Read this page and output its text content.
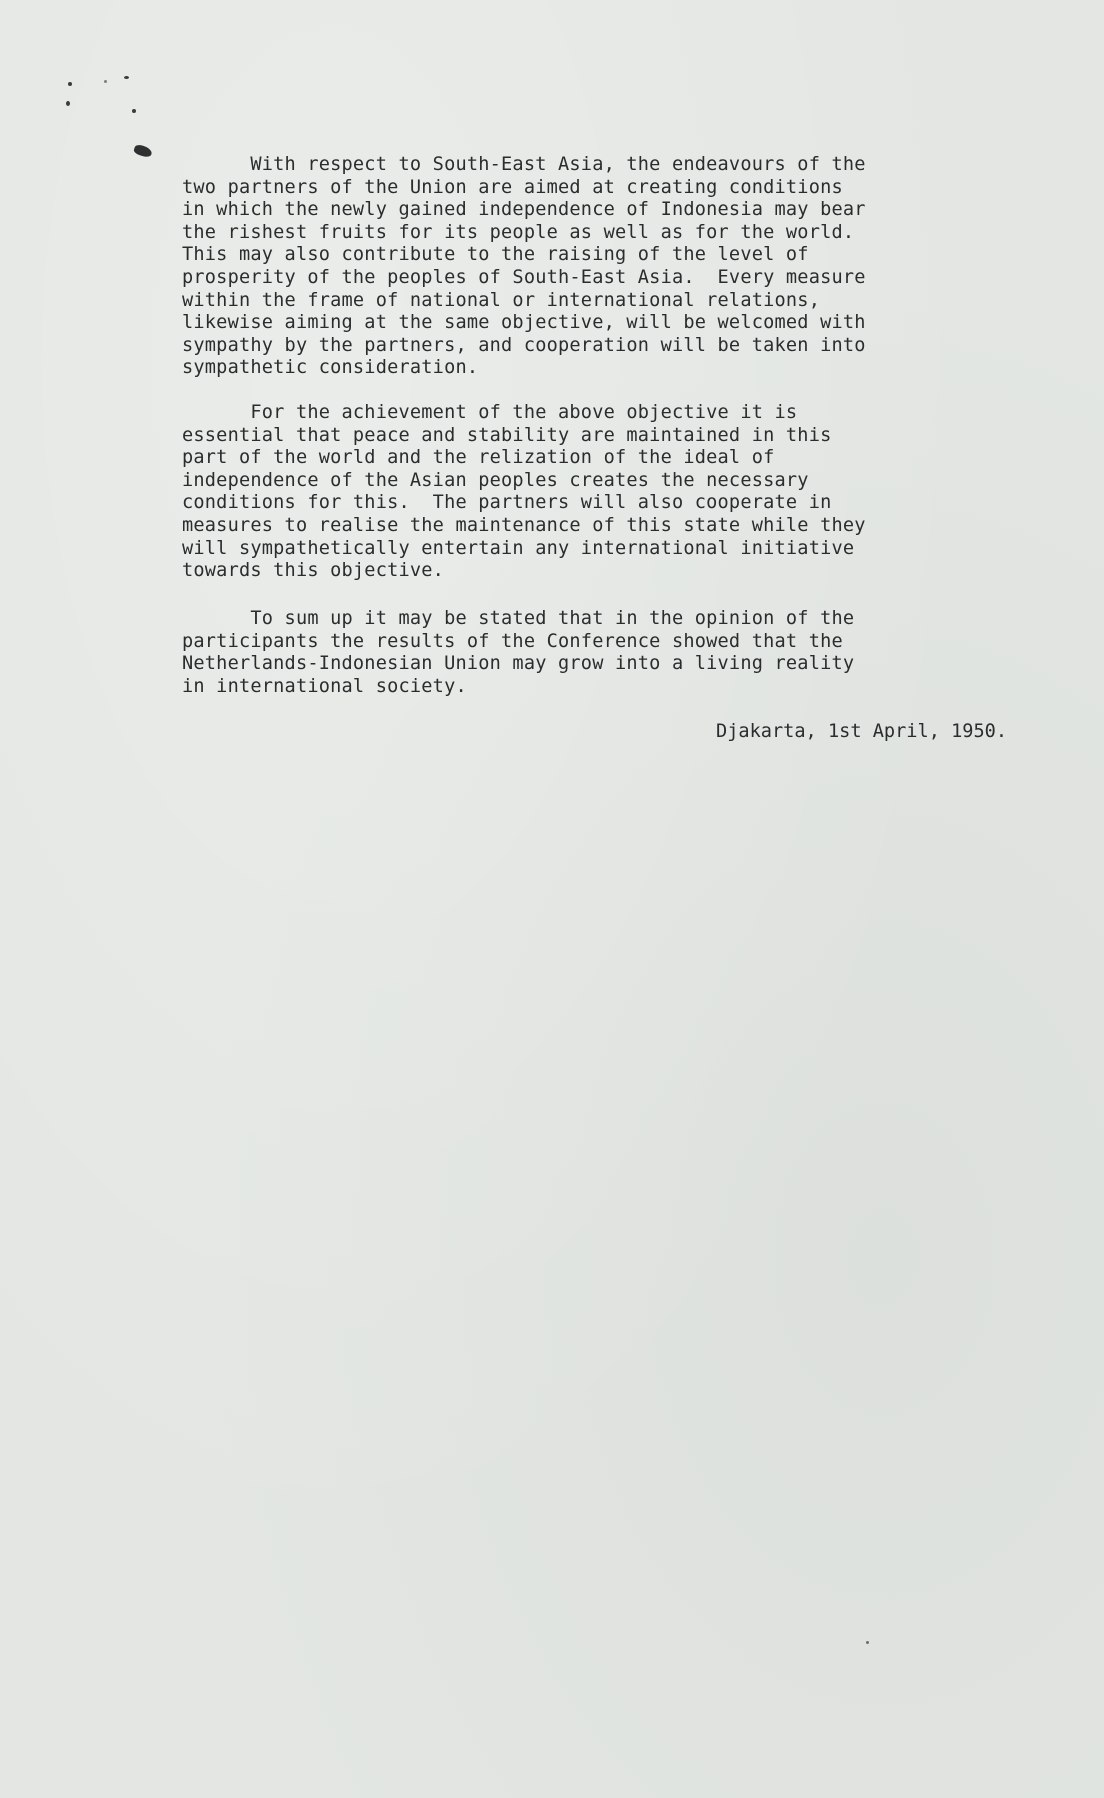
With respect to South-East Asia, the endeavours of the
two partners of the Union are aimed at creating conditions
in which the newly gained independence of Indonesia may bear
the rishest fruits for its people as well as for the world.
This may also contribute to the raising of the level of
prosperity of the peoples of South-East Asia.  Every measure
within the frame of national or international relations,
likewise aiming at the same objective, will be welcomed with
sympathy by the partners, and cooperation will be taken into
sympathetic consideration.
For the achievement of the above objective it is
essential that peace and stability are maintained in this
part of the world and the relization of the ideal of
independence of the Asian peoples creates the necessary
conditions for this.  The partners will also cooperate in
measures to realise the maintenance of this state while they
will sympathetically entertain any international initiative
towards this objective.
To sum up it may be stated that in the opinion of the
participants the results of the Conference showed that the
Netherlands-Indonesian Union may grow into a living reality
in international society.
Djakarta, 1st April, 1950.
